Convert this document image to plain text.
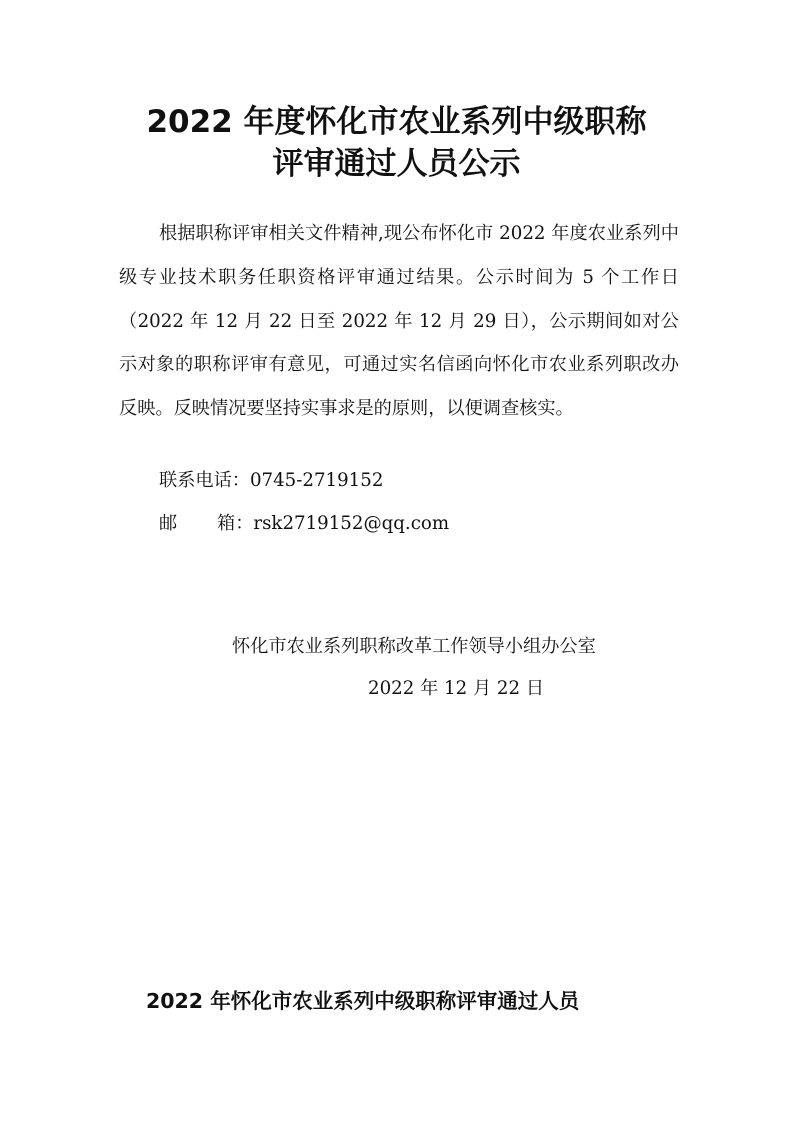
2022 年度怀化市农业系列中级职称
评审通过人员公示

根据职称评审相关文件精神,现公布怀化市 2022 年度农业系列中级专业技术职务任职资格评审通过结果。公示时间为 5 个工作日（2022 年 12 月 22 日至 2022 年 12 月 29 日），公示期间如对公示对象的职称评审有意见，可通过实名信函向怀化市农业系列职改办反映。反映情况要坚持实事求是的原则，以便调查核实。

联系电话：0745-2719152
邮 箱：rsk2719152@qq.com
怀化市农业系列职称改革工作领导小组办公室
2022 年 12 月 22 日
2022 年怀化市农业系列中级职称评审通过人员
